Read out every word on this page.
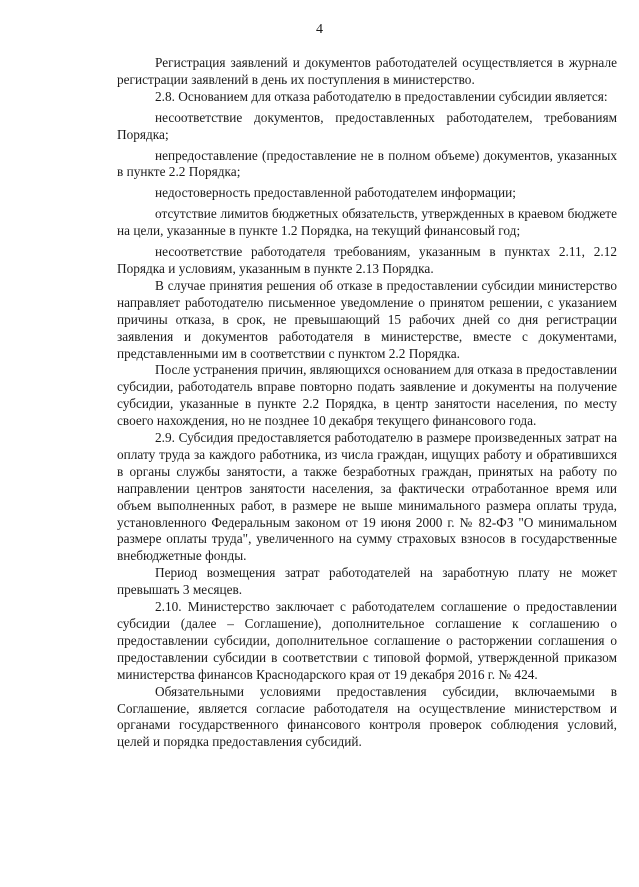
4

Регистрация заявлений и документов работодателей осуществляется в журнале регистрации заявлений в день их поступления в министерство.

2.8. Основанием для отказа работодателю в предоставлении субсидии является:

несоответствие документов, предоставленных работодателем, требованиям Порядка;

непредоставление (предоставление не в полном объеме) документов, указанных в пункте 2.2 Порядка;

недостоверность предоставленной работодателем информации;

отсутствие лимитов бюджетных обязательств, утвержденных в краевом бюджете на цели, указанные в пункте 1.2 Порядка, на текущий финансовый год;

несоответствие работодателя требованиям, указанным в пунктах 2.11, 2.12 Порядка и условиям, указанным в пункте 2.13 Порядка.

В случае принятия решения об отказе в предоставлении субсидии министерство направляет работодателю письменное уведомление о принятом решении, с указанием причины отказа, в срок, не превышающий 15 рабочих дней со дня регистрации заявления и документов работодателя в министерстве, вместе с документами, представленными им в соответствии с пунктом 2.2 Порядка.

После устранения причин, являющихся основанием для отказа в предоставлении субсидии, работодатель вправе повторно подать заявление и документы на получение субсидии, указанные в пункте 2.2 Порядка, в центр занятости населения, по месту своего нахождения, но не позднее 10 декабря текущего финансового года.

2.9. Субсидия предоставляется работодателю в размере произведенных затрат на оплату труда за каждого работника, из числа граждан, ищущих работу и обратившихся в органы службы занятости, а также безработных граждан, принятых на работу по направлении центров занятости населения, за фактически отработанное время или объем выполненных работ, в размере не выше минимального размера оплаты труда, установленного Федеральным законом от 19 июня 2000 г. № 82-ФЗ "О минимальном размере оплаты труда", увеличенного на сумму страховых взносов в государственные внебюджетные фонды.

Период возмещения затрат работодателей на заработную плату не может превышать 3 месяцев.

2.10. Министерство заключает с работодателем соглашение о предоставлении субсидии (далее – Соглашение), дополнительное соглашение к соглашению о предоставлении субсидии, дополнительное соглашение о расторжении соглашения о предоставлении субсидии в соответствии с типовой формой, утвержденной приказом министерства финансов Краснодарского края от 19 декабря 2016 г. № 424.

Обязательными условиями предоставления субсидии, включаемыми в Соглашение, является согласие работодателя на осуществление министерством и органами государственного финансового контроля проверок соблюдения условий, целей и порядка предоставления субсидий.
